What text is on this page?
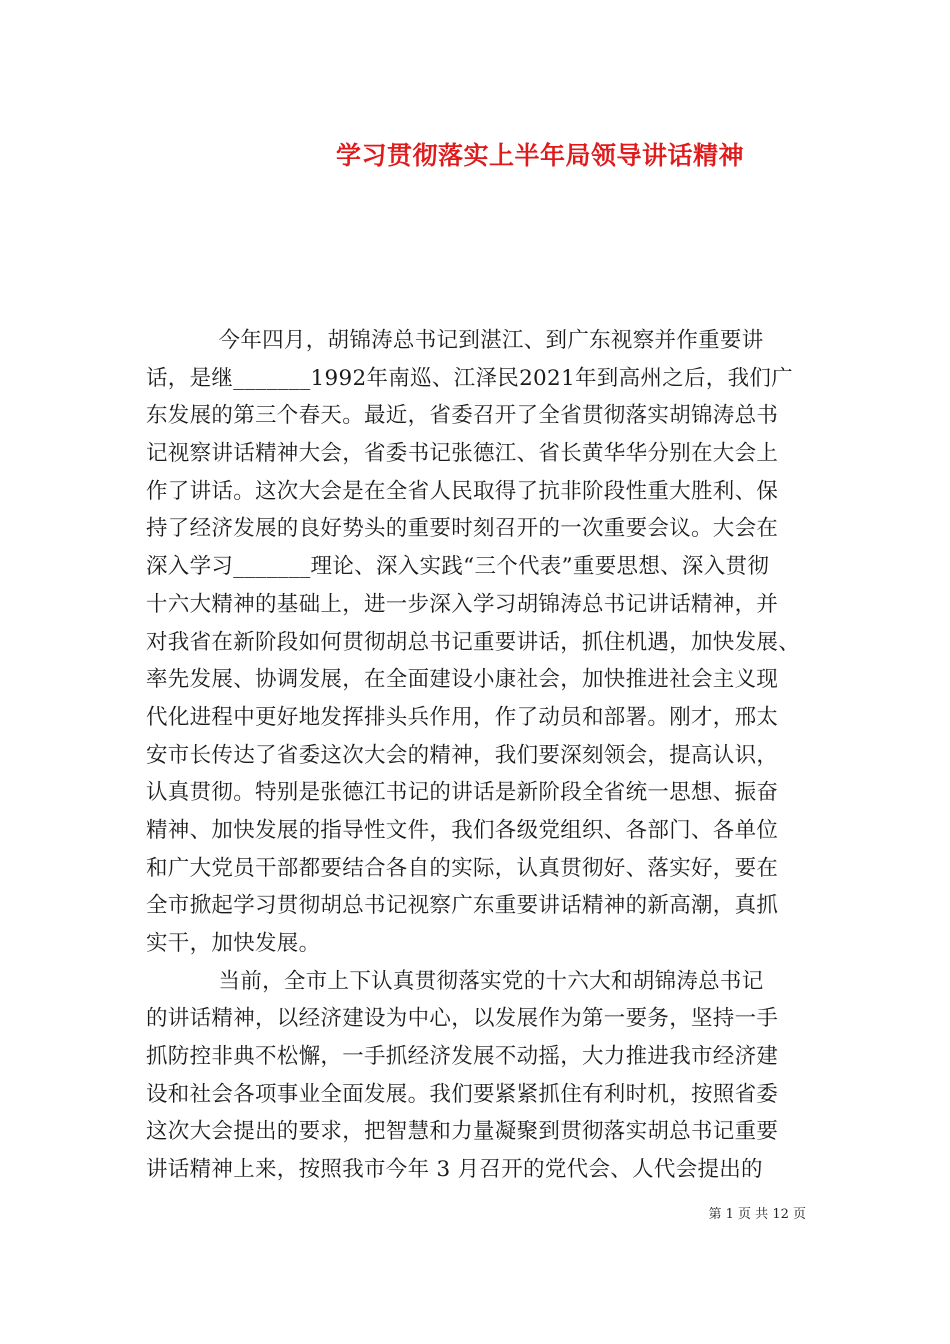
学习贯彻落实上半年局领导讲话精神
　　　 今年四月，胡锦涛总书记到湛江、到广东视察并作重要讲
话，是继_______1992年南巡、江泽民2021年到高州之后，我们广
东发展的第三个春天。最近，省委召开了全省贯彻落实胡锦涛总书
记视察讲话精神大会，省委书记张德江、省长黄华华分别在大会上
作了讲话。这次大会是在全省人民取得了抗非阶段性重大胜利、保
持了经济发展的良好势头的重要时刻召开的一次重要会议。大会在
深入学习_______理论、深入实践“三个代表”重要思想、深入贯彻
十六大精神的基础上，进一步深入学习胡锦涛总书记讲话精神，并
对我省在新阶段如何贯彻胡总书记重要讲话，抓住机遇，加快发展、
率先发展、协调发展，在全面建设小康社会，加快推进社会主义现
代化进程中更好地发挥排头兵作用，作了动员和部署。刚才，邢太
安市长传达了省委这次大会的精神，我们要深刻领会，提高认识，
认真贯彻。特别是张德江书记的讲话是新阶段全省统一思想、振奋
精神、加快发展的指导性文件，我们各级党组织、各部门、各单位
和广大党员干部都要结合各自的实际，认真贯彻好、落实好，要在
全市掀起学习贯彻胡总书记视察广东重要讲话精神的新高潮，真抓
实干，加快发展。
　　　 当前，全市上下认真贯彻落实党的十六大和胡锦涛总书记
的讲话精神，以经济建设为中心，以发展作为第一要务，坚持一手
抓防控非典不松懈，一手抓经济发展不动摇，大力推进我市经济建
设和社会各项事业全面发展。我们要紧紧抓住有利时机，按照省委
这次大会提出的要求，把智慧和力量凝聚到贯彻落实胡总书记重要
讲话精神上来，按照我市今年 3 月召开的党代会、人代会提出的
第 1 页 共 12 页
